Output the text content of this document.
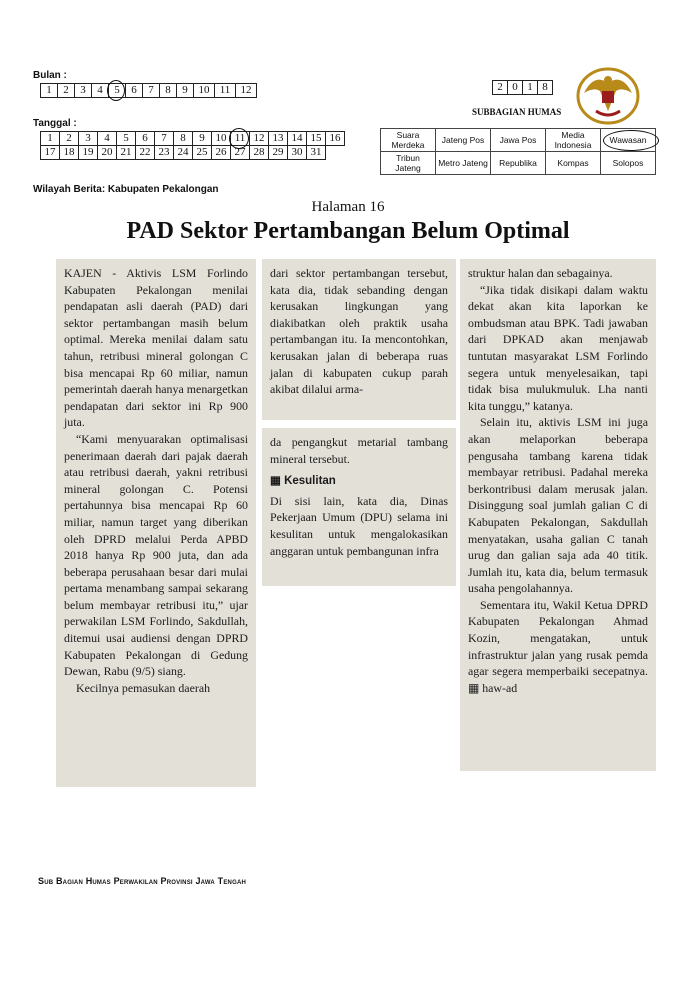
Bulan :
1	2	3	4	5	6	7	8	9	10	11	12
Tanggal :
1	2	3	4	5	6	7	8	9	10	11	12	13	14	15	16
17	18	19	20	21	22	23	24	25	26	27	28	29	30	31	
2	0	1	8
SUBBAGIAN HUMAS
Suara Merdeka	Jateng Pos	Jawa Pos	Media Indonesia	Wawasan

Tribun Jateng	Metro Jateng	Republika	Kompas	Solopos
Wilayah Berita: Kabupaten Pekalongan
Halaman 16
PAD Sektor Pertambangan Belum Optimal

KAJEN - Aktivis LSM Forlindo Kabupaten Pekalongan menilai pendapatan asli daerah (PAD) dari sektor pertambangan masih belum optimal. Mereka menilai dalam satu tahun, retribusi mineral golongan C bisa mencapai Rp 60 miliar, namun pemerintah daerah hanya menargetkan pendapatan dari sektor ini Rp 900 juta.

“Kami menyuarakan optimalisasi penerimaan daerah dari pajak daerah atau retribusi daerah, yakni retribusi mineral golongan C. Potensi pertahunnya bisa mencapai Rp 60 miliar, namun target yang diberikan oleh DPRD melalui Perda APBD 2018 hanya Rp 900 juta, dan ada beberapa perusahaan besar dari mulai pertama menambang sampai sekarang belum membayar retribusi itu,” ujar perwakilan LSM Forlindo, Sakdullah, ditemui usai audiensi dengan DPRD Kabupaten Pekalongan di Gedung Dewan, Rabu (9/5) siang.

Kecilnya pemasukan daerah

dari sektor pertambangan tersebut, kata dia, tidak sebanding dengan kerusakan lingkungan yang diakibatkan oleh praktik usaha pertambangan itu. Ia mencontohkan, kerusakan jalan di beberapa ruas jalan di kabupaten cukup parah akibat dilalui arma-

da pengangkut metarial tambang mineral tersebut.

▦ Kesulitan

Di sisi lain, kata dia, Dinas Pekerjaan Umum (DPU) selama ini kesulitan untuk mengalokasikan anggaran untuk pembangunan infra

struktur halan dan sebagainya.

“Jika tidak disikapi dalam waktu dekat akan kita laporkan ke ombudsman atau BPK. Tadi jawaban dari DPKAD akan menjawab tuntutan masyarakat LSM Forlindo segera untuk menyelesaikan, tapi tidak bisa mulukmuluk. Lha nanti kita tunggu,” katanya.

Selain itu, aktivis LSM ini juga akan melaporkan beberapa pengusaha tambang karena tidak membayar retribusi. Padahal mereka berkontribusi dalam merusak jalan. Disinggung soal jumlah galian C di Kabupaten Pekalongan, Sakdullah menyatakan, usaha galian C tanah urug dan galian saja ada 40 titik. Jumlah itu, kata dia, belum termasuk usaha pengolahannya.

Sementara itu, Wakil Ketua DPRD Kabupaten Pekalongan Ahmad Kozin, mengatakan, untuk infrastruktur jalan yang rusak pemda agar segera memperbaiki secepatnya. ▦ haw-ad

Sub Bagian Humas Perwakilan Provinsi Jawa Tengah
